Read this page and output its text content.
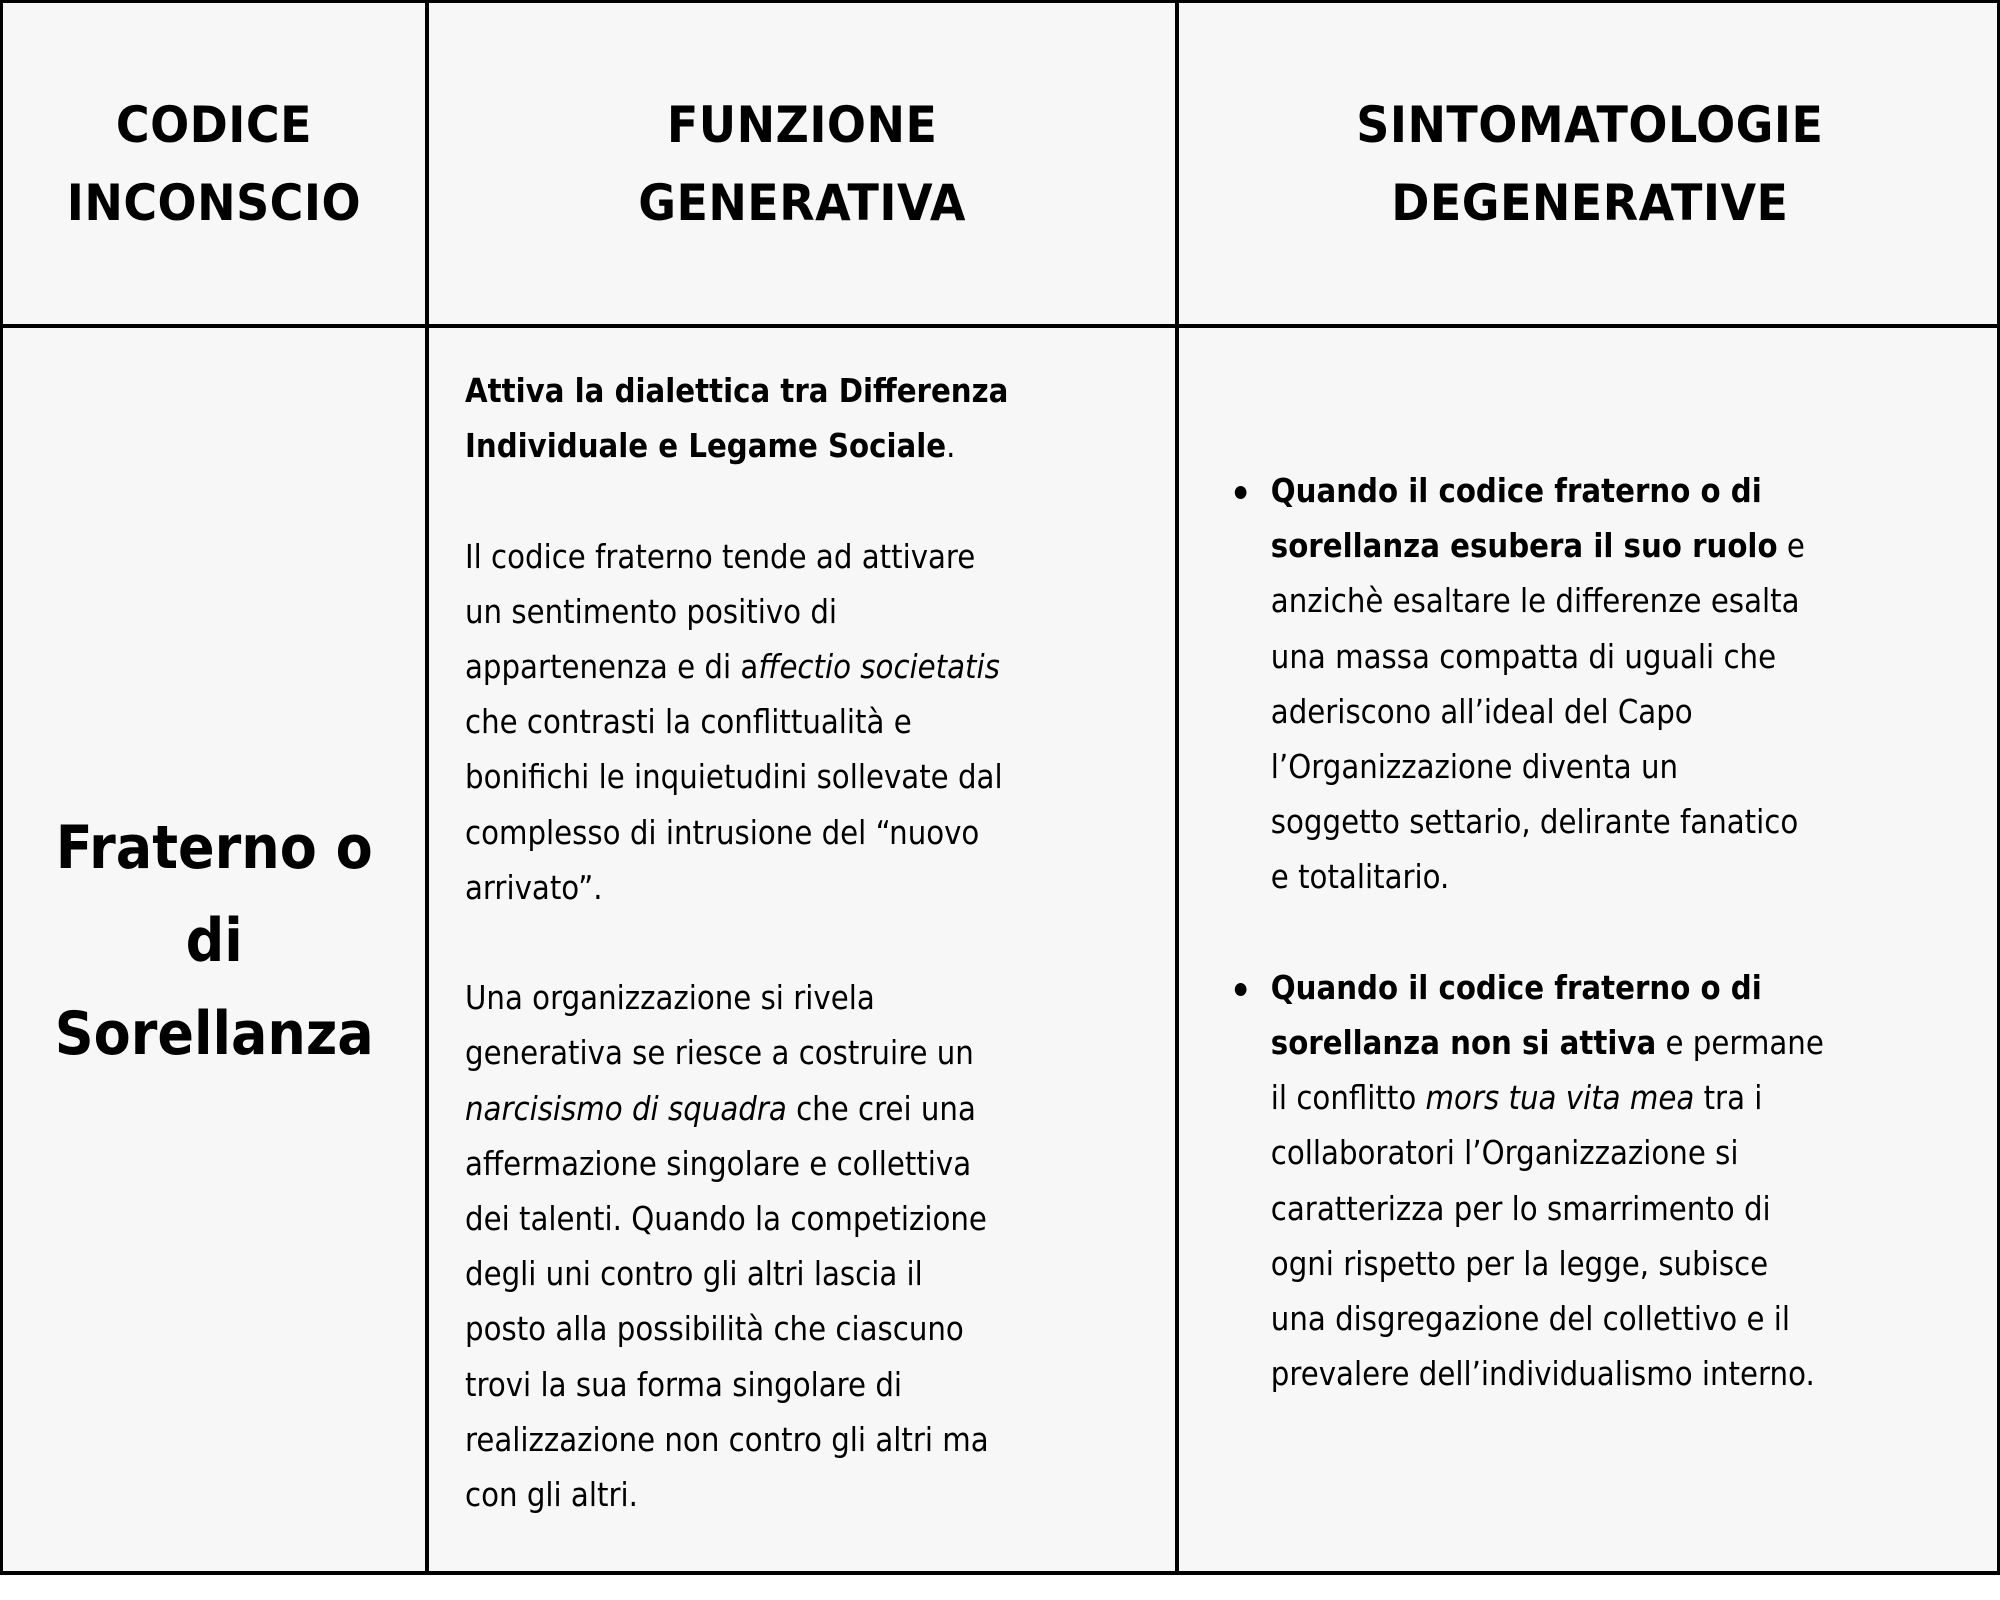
CODICE
INCONSCIO
FUNZIONE
GENERATIVA
SINTOMATOLOGIE
DEGENERATIVE
Fraterno o
di
Sorellanza
Attiva la dialettica tra Differenza
Individuale e Legame Sociale.
Il codice fraterno tende ad attivare
un sentimento positivo di
appartenenza e di affectio societatis
che contrasti la conflittualità e
bonifichi le inquietudini sollevate dal
complesso di intrusione del “nuovo
arrivato”.
Una organizzazione si rivela
generativa se riesce a costruire un
narcisismo di squadra che crei una
affermazione singolare e collettiva
dei talenti. Quando la competizione
degli uni contro gli altri lascia il
posto alla possibilità che ciascuno
trovi la sua forma singolare di
realizzazione non contro gli altri ma
con gli altri.
Quando il codice fraterno o di
sorellanza esubera il suo ruolo e
anzichè esaltare le differenze esalta
una massa compatta di uguali che
aderiscono all’ideal del Capo
l’Organizzazione diventa un
soggetto settario, delirante fanatico
e totalitario.
Quando il codice fraterno o di
sorellanza non si attiva e permane
il conflitto mors tua vita mea tra i
collaboratori l’Organizzazione si
caratterizza per lo smarrimento di
ogni rispetto per la legge, subisce
una disgregazione del collettivo e il
prevalere dell’individualismo interno.
